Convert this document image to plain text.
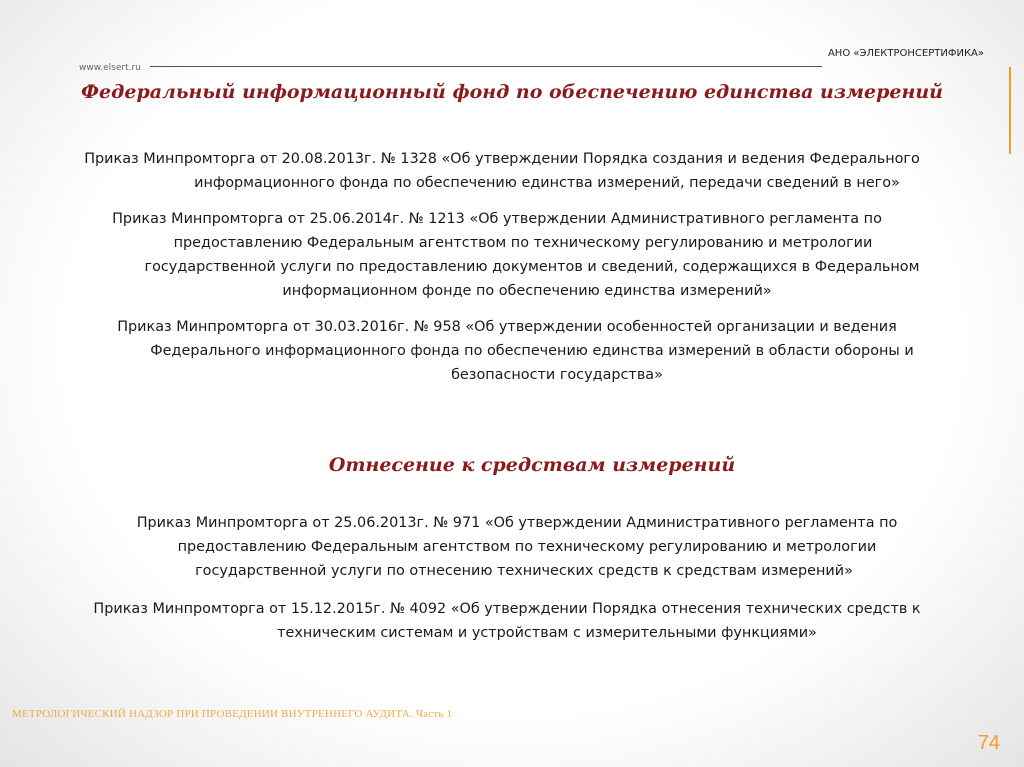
АНО «ЭЛЕКТРОНСЕРТИФИКА»
www.elsert.ru
Федеральный информационный фонд по обеспечению единства измерений
Приказ Минпромторга от 20.08.2013г. № 1328 «Об утверждении Порядка создания и ведения Федерального
информационного фонда по обеспечению единства измерений, передачи сведений в него»
Приказ Минпромторга от 25.06.2014г. № 1213 «Об утверждении Административного регламента по
предоставлению Федеральным агентством по техническому регулированию и метрологии
государственной услуги по предоставлению документов и сведений, содержащихся в Федеральном
информационном фонде по обеспечению единства измерений»
Приказ Минпромторга от 30.03.2016г. № 958 «Об утверждении особенностей организации и ведения
Федерального информационного фонда по обеспечению единства измерений в области обороны и
безопасности государства»
Отнесение к средствам измерений
Приказ Минпромторга от 25.06.2013г. № 971 «Об утверждении Административного регламента по
предоставлению Федеральным агентством по техническому регулированию и метрологии
государственной услуги по отнесению технических средств к средствам измерений»
Приказ Минпромторга от 15.12.2015г. № 4092 «Об утверждении Порядка отнесения технических средств к
техническим системам и устройствам с измерительными функциями»
МЕТРОЛОГИЧЕСКИЙ НАДЗОР ПРИ ПРОВЕДЕНИИ ВНУТРЕННЕГО АУДИТА. Часть 1
74
